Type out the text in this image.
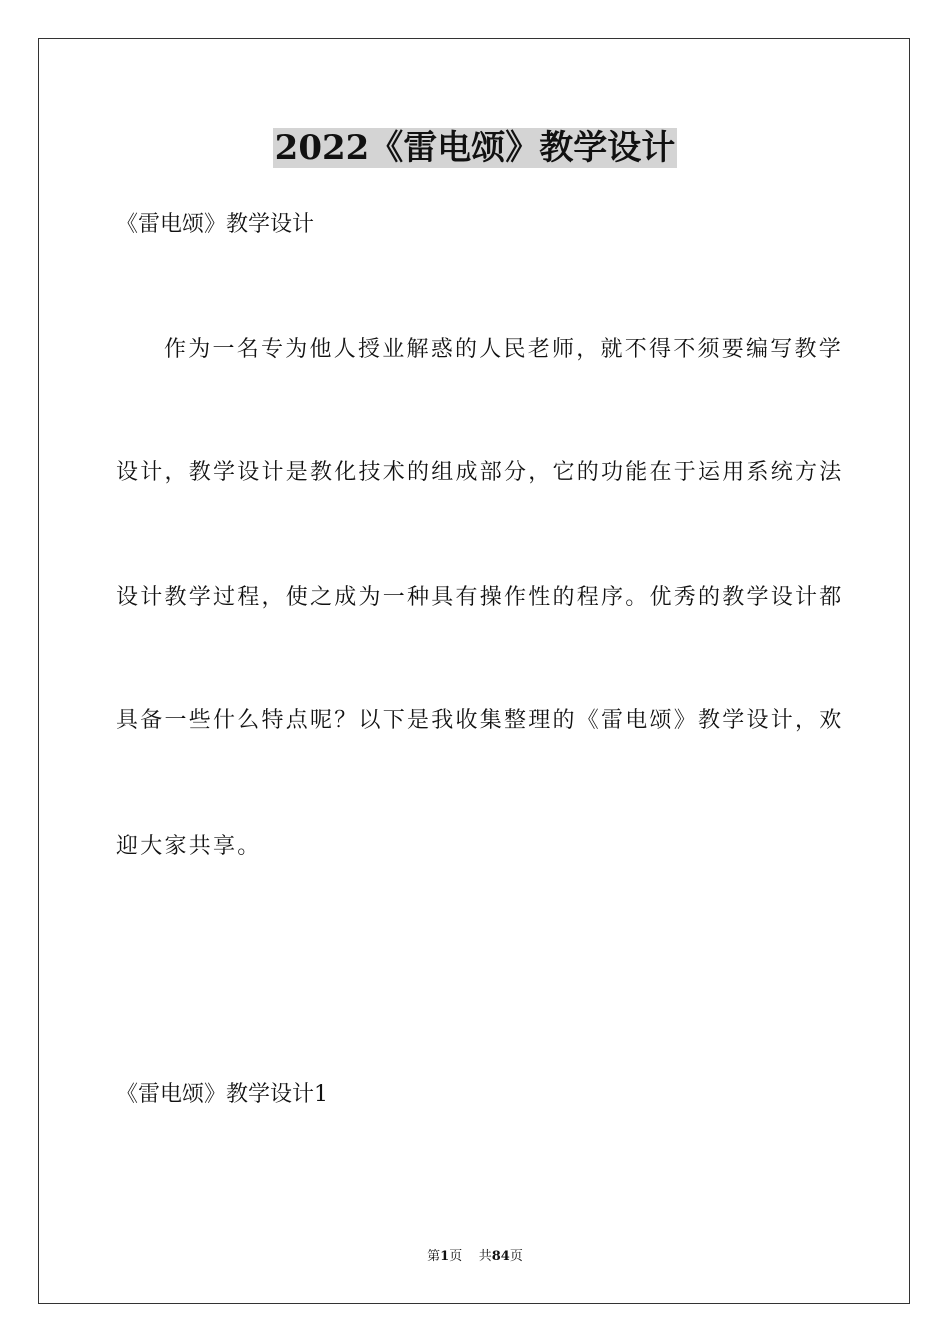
2022《雷电颂》教学设计
《雷电颂》教学设计
作为一名专为他人授业解惑的人民老师，就不得不须要编写教学
设计，教学设计是教化技术的组成部分，它的功能在于运用系统方法
设计教学过程，使之成为一种具有操作性的程序。优秀的教学设计都
具备一些什么特点呢？以下是我收集整理的《雷电颂》教学设计，欢
迎大家共享。
《雷电颂》教学设计1
第1页 共84页
